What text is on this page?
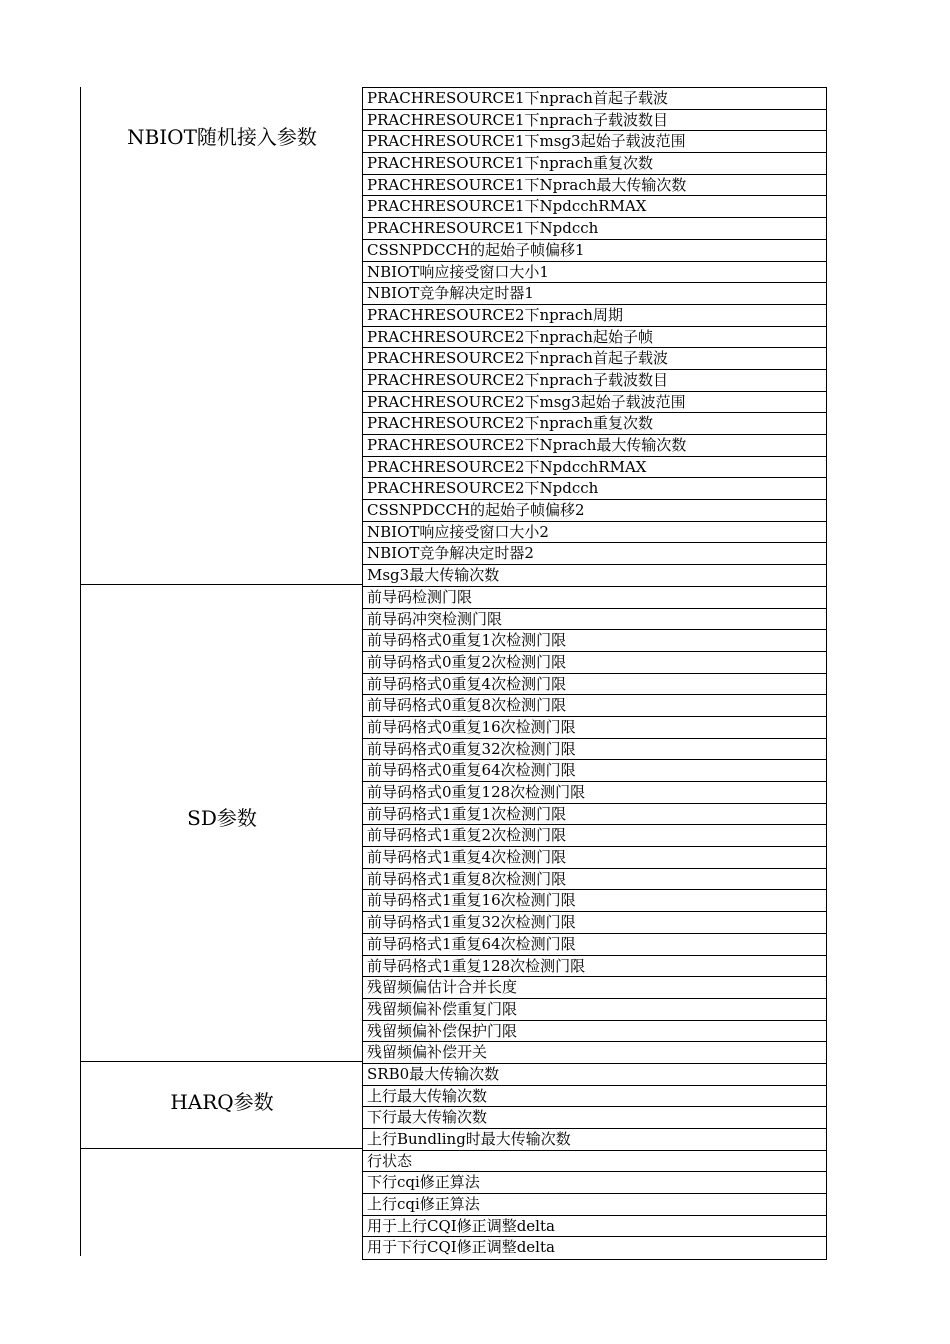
NBIOT随机接入参数
SD参数
HARQ参数
PRACHRESOURCE1下nprach首起子载波
PRACHRESOURCE1下nprach子载波数目
PRACHRESOURCE1下msg3起始子载波范围
PRACHRESOURCE1下nprach重复次数
PRACHRESOURCE1下Nprach最大传输次数
PRACHRESOURCE1下NpdcchRMAX
PRACHRESOURCE1下Npdcch
CSSNPDCCH的起始子帧偏移1
NBIOT响应接受窗口大小1
NBIOT竞争解决定时器1
PRACHRESOURCE2下nprach周期
PRACHRESOURCE2下nprach起始子帧
PRACHRESOURCE2下nprach首起子载波
PRACHRESOURCE2下nprach子载波数目
PRACHRESOURCE2下msg3起始子载波范围
PRACHRESOURCE2下nprach重复次数
PRACHRESOURCE2下Nprach最大传输次数
PRACHRESOURCE2下NpdcchRMAX
PRACHRESOURCE2下Npdcch
CSSNPDCCH的起始子帧偏移2
NBIOT响应接受窗口大小2
NBIOT竞争解决定时器2
Msg3最大传输次数
前导码检测门限
前导码冲突检测门限
前导码格式0重复1次检测门限
前导码格式0重复2次检测门限
前导码格式0重复4次检测门限
前导码格式0重复8次检测门限
前导码格式0重复16次检测门限
前导码格式0重复32次检测门限
前导码格式0重复64次检测门限
前导码格式0重复128次检测门限
前导码格式1重复1次检测门限
前导码格式1重复2次检测门限
前导码格式1重复4次检测门限
前导码格式1重复8次检测门限
前导码格式1重复16次检测门限
前导码格式1重复32次检测门限
前导码格式1重复64次检测门限
前导码格式1重复128次检测门限
残留频偏估计合并长度
残留频偏补偿重复门限
残留频偏补偿保护门限
残留频偏补偿开关
SRB0最大传输次数
上行最大传输次数
下行最大传输次数
上行Bundling时最大传输次数
行状态
下行cqi修正算法
上行cqi修正算法
用于上行CQI修正调整delta
用于下行CQI修正调整delta
